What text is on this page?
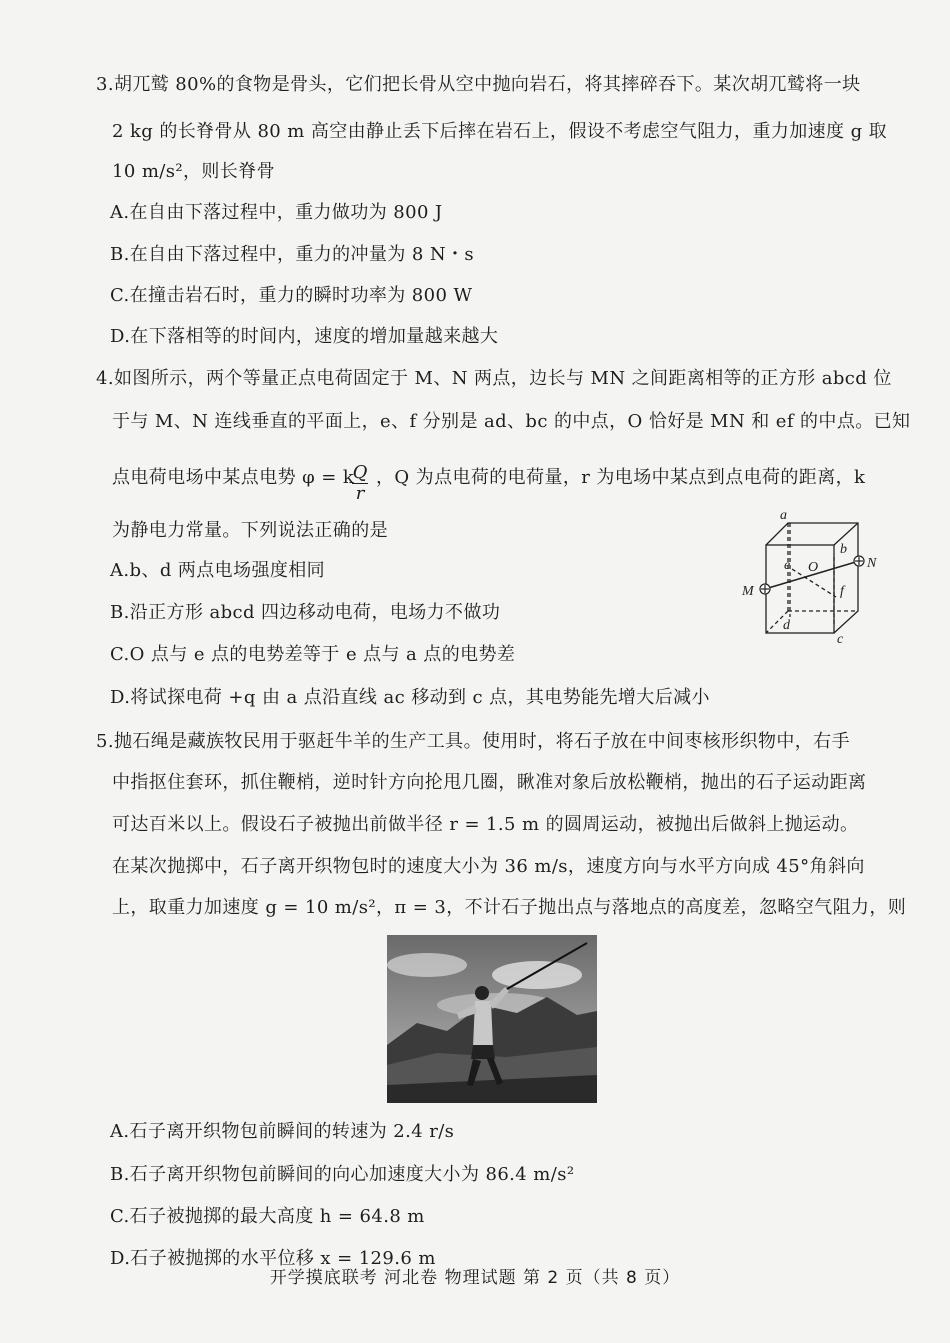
3.胡兀鹫 80%的食物是骨头，它们把长骨从空中抛向岩石，将其摔碎吞下。某次胡兀鹫将一块
2 kg 的长脊骨从 80 m 高空由静止丢下后摔在岩石上，假设不考虑空气阻力，重力加速度 g 取
10 m/s²，则长脊骨
A.在自由下落过程中，重力做功为 800 J
B.在自由下落过程中，重力的冲量为 8 N・s
C.在撞击岩石时，重力的瞬时功率为 800 W
D.在下落相等的时间内，速度的增加量越来越大
4.如图所示，两个等量正点电荷固定于 M、N 两点，边长与 MN 之间距离相等的正方形 abcd 位
于与 M、N 连线垂直的平面上，e、f 分别是 ad、bc 的中点，O 恰好是 MN 和 ef 的中点。已知
点电荷电场中某点电势 φ = k
Q
r
，Q 为点电荷的电荷量，r 为电场中某点到点电荷的距离，k
为静电力常量。下列说法正确的是
A.b、d 两点电场强度相同
B.沿正方形 abcd 四边移动电荷，电场力不做功
C.O 点与 e 点的电势差等于 e 点与 a 点的电势差
D.将试探电荷 +q 由 a 点沿直线 ac 移动到 c 点，其电势能先增大后减小
a
b
c
d
e
f
O
M
N
5.抛石绳是藏族牧民用于驱赶牛羊的生产工具。使用时，将石子放在中间枣核形织物中，右手
中指抠住套环，抓住鞭梢，逆时针方向抡甩几圈，瞅准对象后放松鞭梢，抛出的石子运动距离
可达百米以上。假设石子被抛出前做半径 r = 1.5 m 的圆周运动，被抛出后做斜上抛运动。
在某次抛掷中，石子离开织物包时的速度大小为 36 m/s，速度方向与水平方向成 45°角斜向
上，取重力加速度 g = 10 m/s²，π = 3，不计石子抛出点与落地点的高度差，忽略空气阻力，则
A.石子离开织物包前瞬间的转速为 2.4 r/s
B.石子离开织物包前瞬间的向心加速度大小为 86.4 m/s²
C.石子被抛掷的最大高度 h = 64.8 m
D.石子被抛掷的水平位移 x = 129.6 m
开学摸底联考 河北卷 物理试题 第 2 页（共 8 页）
